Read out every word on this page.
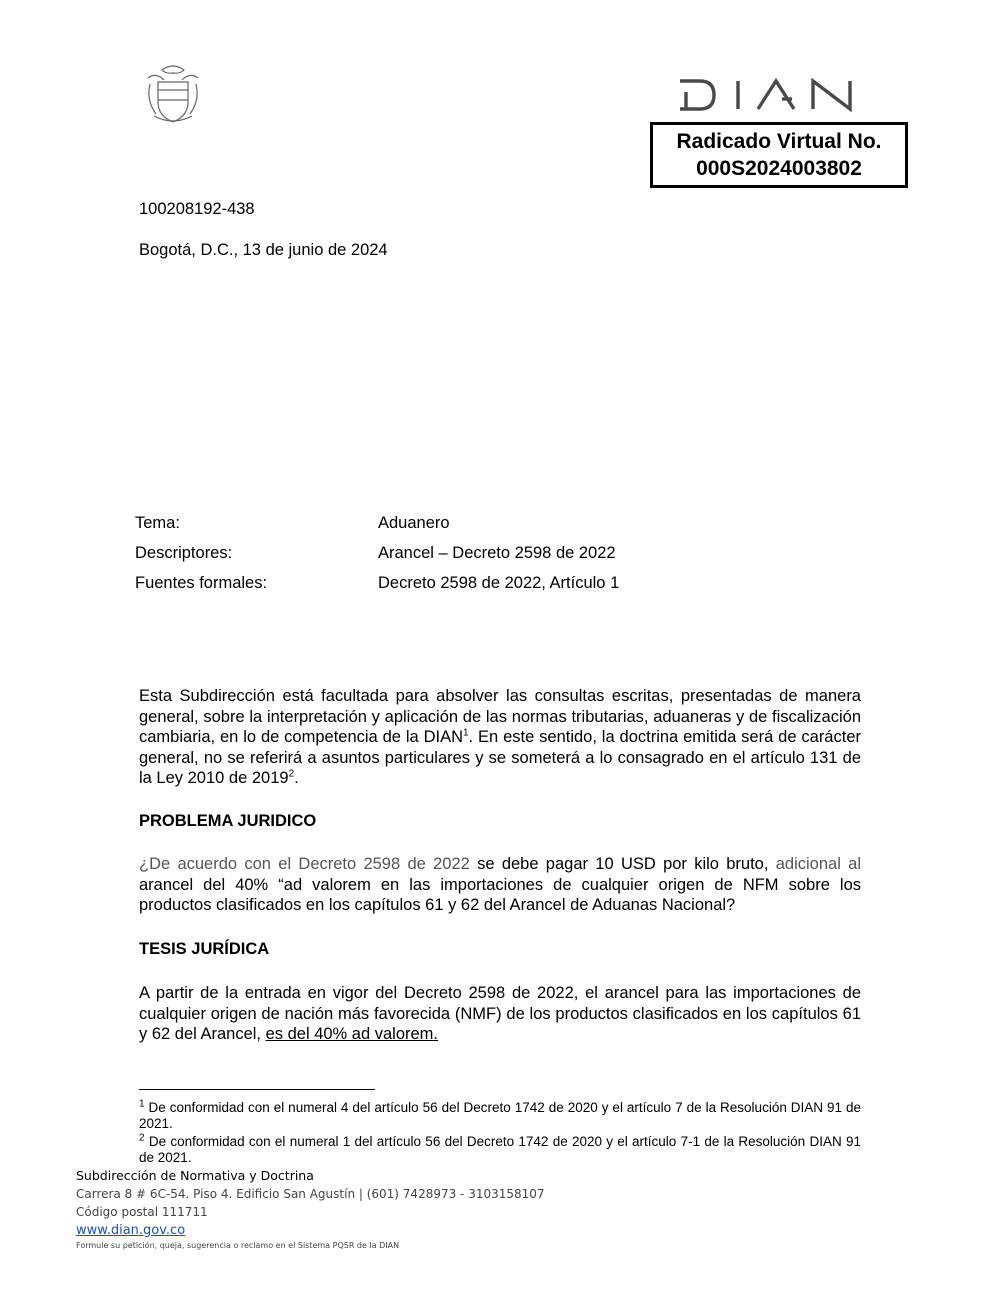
DIAN
Radicado Virtual No.
000S2024003802
100208192-438
Bogotá, D.C., 13 de junio de 2024
Tema:	Aduanero
Descriptores:	Arancel – Decreto 2598 de 2022
Fuentes formales:	Decreto 2598 de 2022, Artículo 1
Esta Subdirección está facultada para absolver las consultas escritas, presentadas de manera general, sobre la interpretación y aplicación de las normas tributarias, aduaneras y de fiscalización cambiaria, en lo de competencia de la DIAN$^1$. En este sentido, la doctrina emitida será de carácter general, no se referirá a asuntos particulares y se someterá a lo consagrado en el artículo 131 de la Ley 2010 de 2019$^2$.
PROBLEMA JURIDICO
¿De acuerdo con el Decreto 2598 de 2022 se debe pagar 10 USD por kilo bruto, adicional al arancel del 40% “ad valorem en las importaciones de cualquier origen de NFM sobre los productos clasificados en los capítulos 61 y 62 del Arancel de Aduanas Nacional?
TESIS JURÍDICA
A partir de la entrada en vigor del Decreto 2598 de 2022, el arancel para las importaciones de cualquier origen de nación más favorecida (NMF) de los productos clasificados en los capítulos 61 y 62 del Arancel, es del 40% ad valorem.
$^1$ De conformidad con el numeral 4 del artículo 56 del Decreto 1742 de 2020 y el artículo 7 de la Resolución DIAN 91 de 2021.
$^2$ De conformidad con el numeral 1 del artículo 56 del Decreto 1742 de 2020 y el artículo 7-1 de la Resolución DIAN 91 de 2021.
Subdirección de Normativa y Doctrina
Carrera 8 # 6C-54. Piso 4. Edificio San Agustín | (601) 7428973 - 3103158107
Código postal 111711
www.dian.gov.co
Formule su petición, queja, sugerencia o reclamo en el Sistema PQSR de la DIAN
